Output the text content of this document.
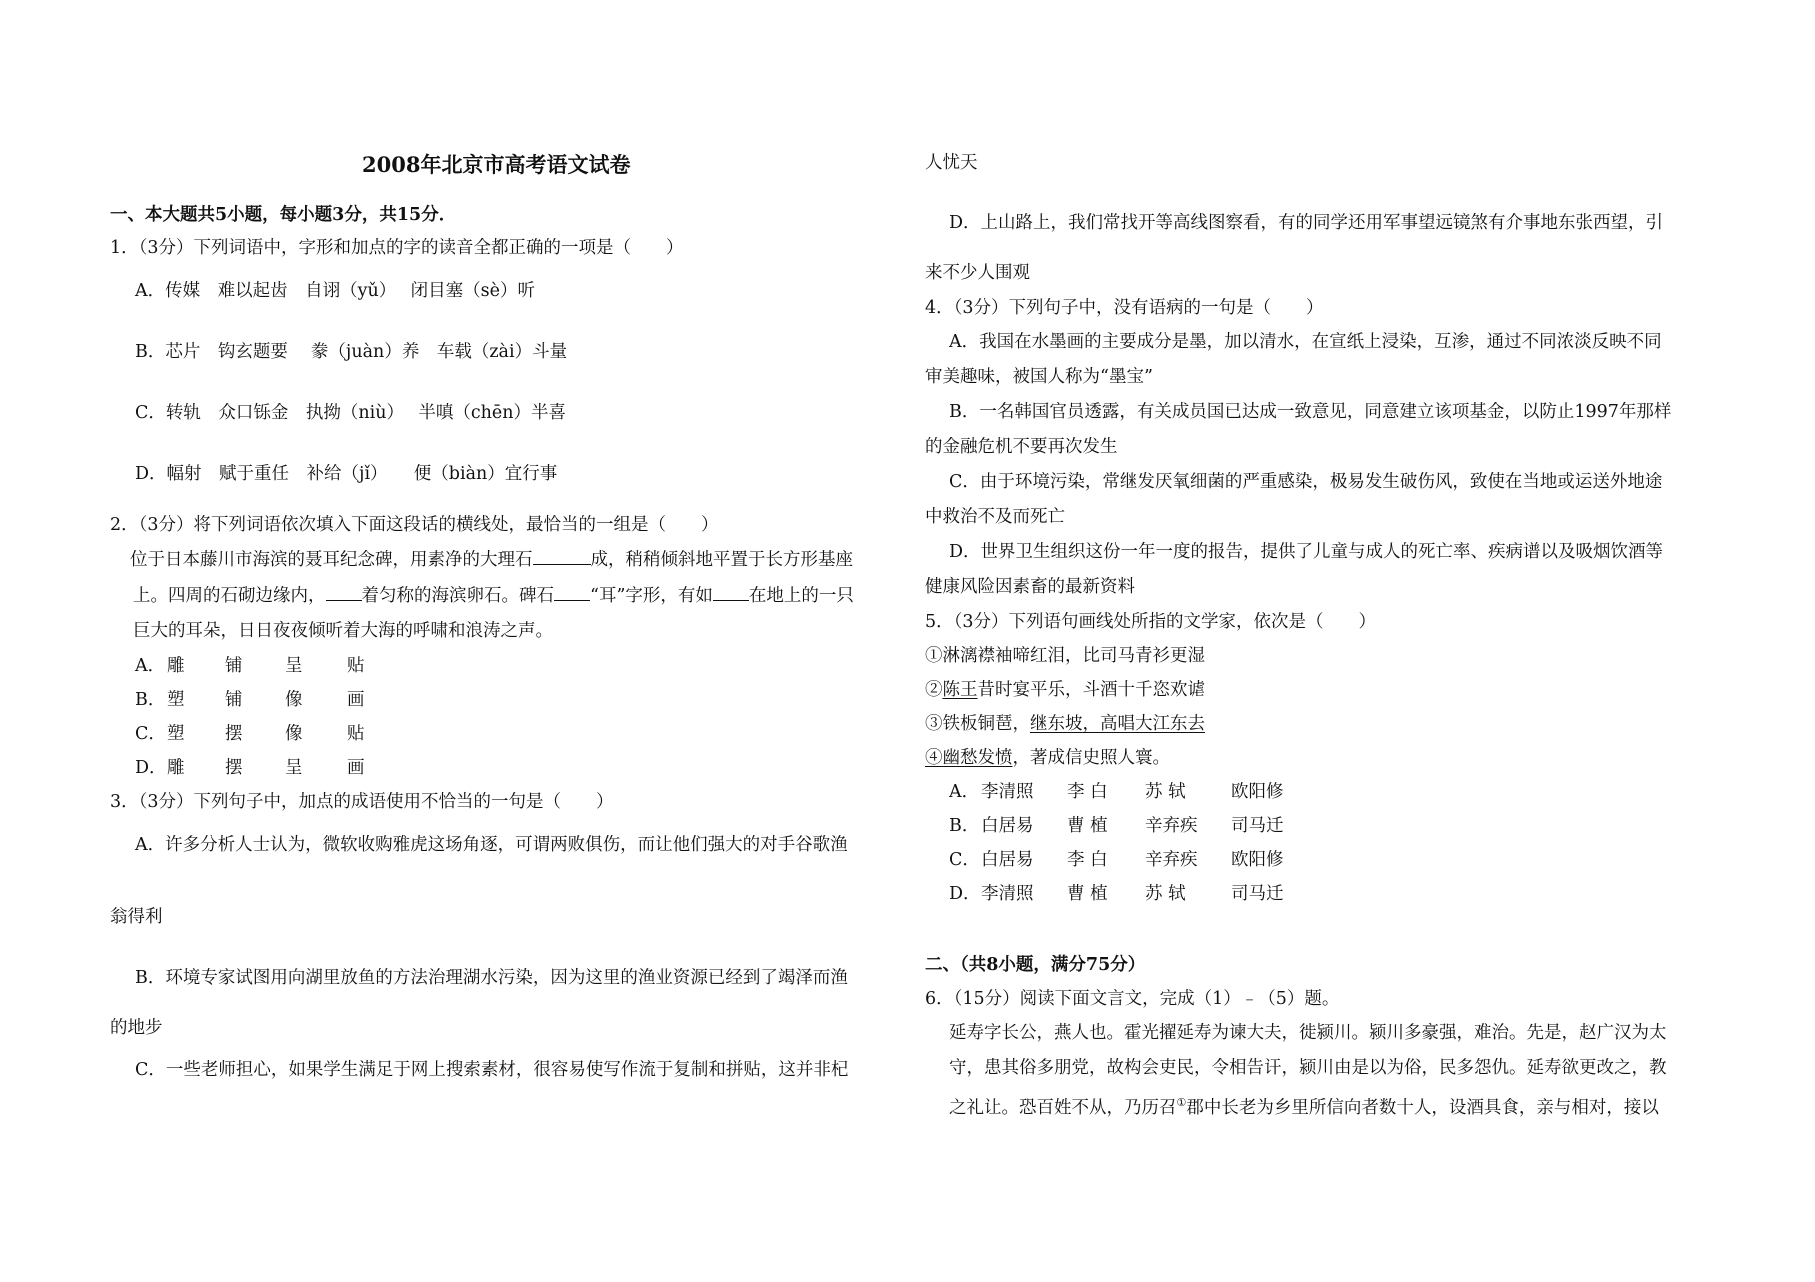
2008年北京市高考语文试卷
一、本大题共5小题，每小题3分，共15分．
1．（3分）下列词语中，字形和加点的字的读音全都正确的一项是（　　）
A．传媒　难以起齿　自诩（yǔ）　 闭目塞（sè）听
B．芯片　钩玄题要　 豢（juàn）养　车载（zài）斗量
C．转轨　众口铄金　执拗（niù）　 半嗔（chēn）半喜
D．幅射　赋于重任　补给（jǐ）　　便（biàn）宜行事
2．（3分）将下列词语依次填入下面这段话的横线处，最恰当的一组是（　　）
位于日本藤川市海滨的聂耳纪念碑，用素净的大理石	成，稍稍倾斜地平置于长方形基座
上。四周的石砌边缘内， 着匀称的海滨卵石。碑石 “耳”字形，有如 在地上的一只
巨大的耳朵，日日夜夜倾听着大海的呼啸和浪涛之声。
A． 雕 铺 呈	贴
B．塑 铺 像	画
C．塑 摆 像	贴
D．雕 摆 呈	画
3．（3分）下列句子中，加点的成语使用不恰当的一句是（　　）
A．许多分析人士认为，微软收购雅虎这场角逐，可谓两败俱伤，而让他们强大的对手谷歌渔
翁得利
B．环境专家试图用向湖里放鱼的方法治理湖水污染，因为这里的渔业资源已经到了竭泽而渔
的地步
C．一些老师担心，如果学生满足于网上搜索素材，很容易使写作流于复制和拼贴，这并非杞
人忧天
D．上山路上，我们常找开等高线图察看，有的同学还用军事望远镜煞有介事地东张西望，引
来不少人围观
4．（3分）下列句子中，没有语病的一句是（　　）
A．我国在水墨画的主要成分是墨，加以清水，在宣纸上浸染，互渗，通过不同浓淡反映不同
审美趣味，被国人称为“墨宝”
B．一名韩国官员透露，有关成员国已达成一致意见，同意建立该项基金，以防止1997年那样
的金融危机不要再次发生
C．由于环境污染，常继发厌氧细菌的严重感染，极易发生破伤风，致使在当地或运送外地途
中救治不及而死亡
D．世界卫生组织这份一年一度的报告，提供了儿童与成人的死亡率、疾病谱以及吸烟饮酒等
健康风险因素畜的最新资料
5．（3分）下列语句画线处所指的文学家，依次是（　　）
①淋漓襟袖啼红泪，比司马青衫更湿
②陈王昔时宴平乐，斗酒十千恣欢谑
③铁板铜琶，继东坡，高唱大江东去
④幽愁发愤，著成信史照人寰。
A． 李清照 李 白 苏 轼	欧阳修
B．白居易 曹 植 辛弃疾 司马迁
C．白居易 李 白 辛弃疾 欧阳修
D．李清照 曹 植 苏 轼	司马迁
二、（共8小题，满分75分）
6．（15分）阅读下面文言文，完成（1）﹣（5）题。
延寿字长公，燕人也。霍光擢延寿为谏大夫，徙颍川。颍川多豪强，难治。先是，赵广汉为太
守，患其俗多朋党，故构会吏民，令相告讦，颍川由是以为俗，民多怨仇。延寿欲更改之，教
之礼让。恐百姓不从，乃历召①郡中长老为乡里所信向者数十人，设酒具食，亲与相对，接以
